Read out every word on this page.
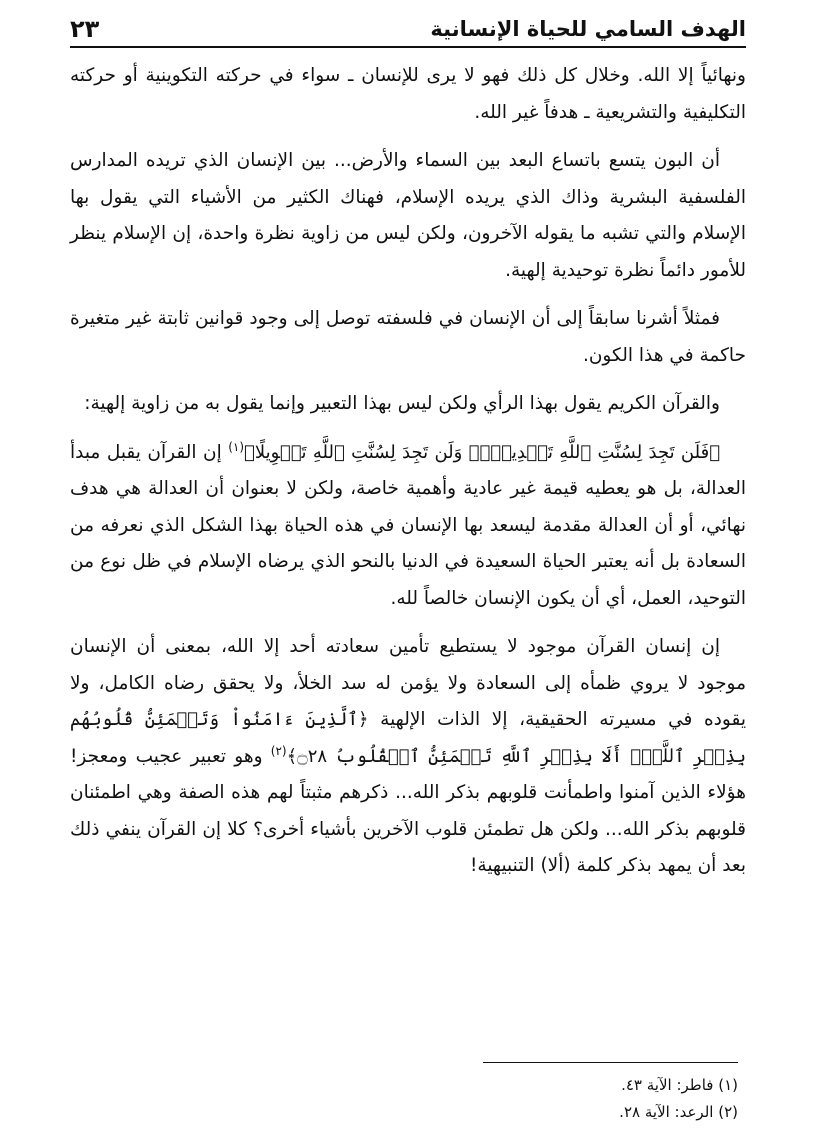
الهدف السامي للحياة الإنسانية
٢٣

ونهائياً إلا الله. وخلال كل ذلك فهو لا يرى للإنسان ـ سواء في حركته التكوينية أو حركته التكليفية والتشريعية ـ هدفاً غير الله.

أن البون يتسع باتساع البعد بين السماء والأرض... بين الإنسان الذي تريده المدارس الفلسفية البشرية وذاك الذي يريده الإسلام، فهناك الكثير من الأشياء التي يقول بها الإسلام والتي تشبه ما يقوله الآخرون، ولكن ليس من زاوية نظرة واحدة، إن الإسلام ينظر للأمور دائماً نظرة توحيدية إلهية.

فمثلاً أشرنا سابقاً إلى أن الإنسان في فلسفته توصل إلى وجود قوانين ثابتة غير متغيرة حاكمة في هذا الكون.

والقرآن الكريم يقول بهذا الرأي ولكن ليس بهذا التعبير وإنما يقول به من زاوية إلهية:

﴿فَلَن تَجِدَ لِسُنَّتِ ٱللَّهِ تَبۡدِيلٗاۖ وَلَن تَجِدَ لِسُنَّتِ ٱللَّهِ تَحۡوِيلًا﴾$^{(١)}$ إن القرآن يقبل مبدأ العدالة، بل هو يعطيه قيمة غير عادية وأهمية خاصة، ولكن لا بعنوان أن العدالة هي هدف نهائي، أو أن العدالة مقدمة ليسعد بها الإنسان في هذه الحياة بهذا الشكل الذي نعرفه من السعادة بل أنه يعتبر الحياة السعيدة في الدنيا بالنحو الذي يرضاه الإسلام في ظل نوع من التوحيد، العمل، أي أن يكون الإنسان خالصاً لله.

إن إنسان القرآن موجود لا يستطيع تأمين سعادته أحد إلا الله، بمعنى أن الإنسان موجود لا يروي ظمأه إلى السعادة ولا يؤمن له سد الخلأ، ولا يحقق رضاه الكامل، ولا يقوده في مسيرته الحقيقية، إلا الذات الإلهية ﴿ٱلَّذِينَ ءَامَنُواْ وَتَطۡمَئِنُّ قُلُوبُهُم بِذِكۡرِ ٱللَّهِۗ أَلَا بِذِكۡرِ ٱللَّهِ تَطۡمَئِنُّ ٱلۡقُلُوبُ ۝٢٨﴾$^{(٢)}$ وهو تعبير عجيب ومعجز! هؤلاء الذين آمنوا واطمأنت قلوبهم بذكر الله... ذكرهم مثبتاً لهم هذه الصفة وهي اطمئنان قلوبهم بذكر الله... ولكن هل تطمئن قلوب الآخرين بأشياء أخرى؟ كلا إن القرآن ينفي ذلك بعد أن يمهد بذكر كلمة (ألا) التنبيهية!

(١) فاطر: الآية ٤٣.

(٢) الرعد: الآية ٢٨.
